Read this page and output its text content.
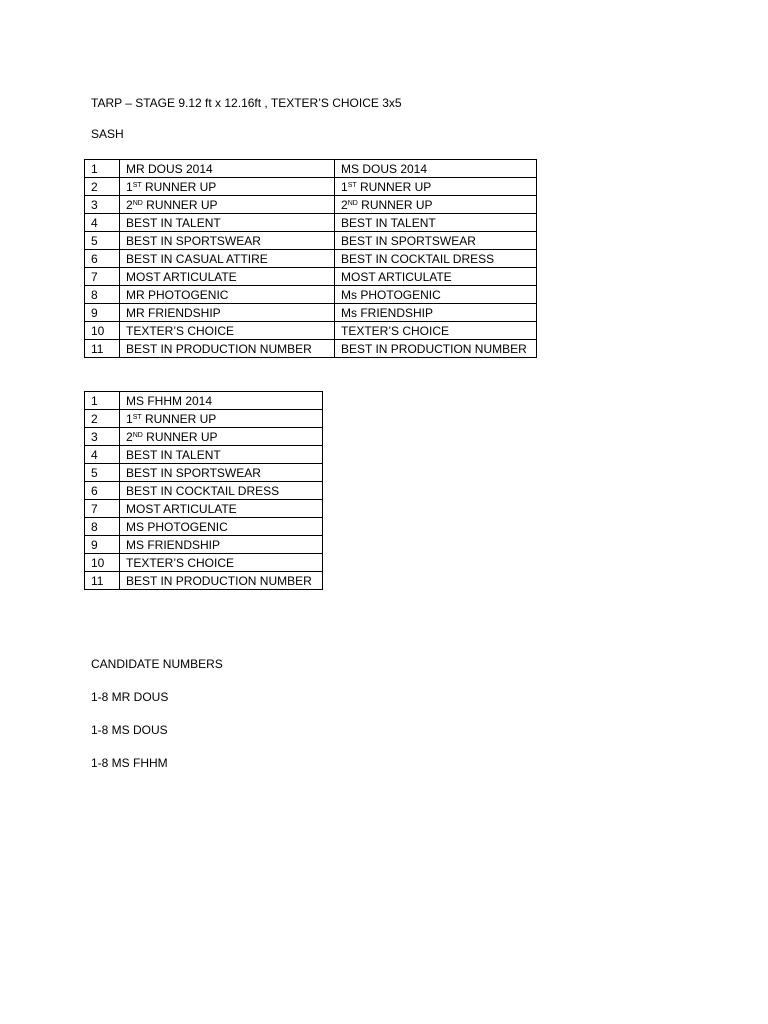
TARP – STAGE 9.12 ft x 12.16ft , TEXTER’S CHOICE 3x5
SASH
1	MR DOUS 2014	MS DOUS 2014
2	1ST RUNNER UP	1ST RUNNER UP
3	2ND RUNNER UP	2ND RUNNER UP
4	BEST IN TALENT	BEST IN TALENT
5	BEST IN SPORTSWEAR	BEST IN SPORTSWEAR
6	BEST IN CASUAL ATTIRE	BEST IN COCKTAIL DRESS
7	MOST ARTICULATE	MOST ARTICULATE
8	MR PHOTOGENIC	Ms PHOTOGENIC
9	MR FRIENDSHIP	Ms FRIENDSHIP
10	TEXTER’S CHOICE	TEXTER’S CHOICE
11	BEST IN PRODUCTION NUMBER	BEST IN PRODUCTION NUMBER
1	MS FHHM 2014
2	1ST RUNNER UP
3	2ND RUNNER UP
4	BEST IN TALENT
5	BEST IN SPORTSWEAR
6	BEST IN COCKTAIL DRESS
7	MOST ARTICULATE
8	MS PHOTOGENIC
9	MS FRIENDSHIP
10	TEXTER’S CHOICE
11	BEST IN PRODUCTION NUMBER
CANDIDATE NUMBERS
1-8 MR DOUS
1-8 MS DOUS
1-8 MS FHHM
